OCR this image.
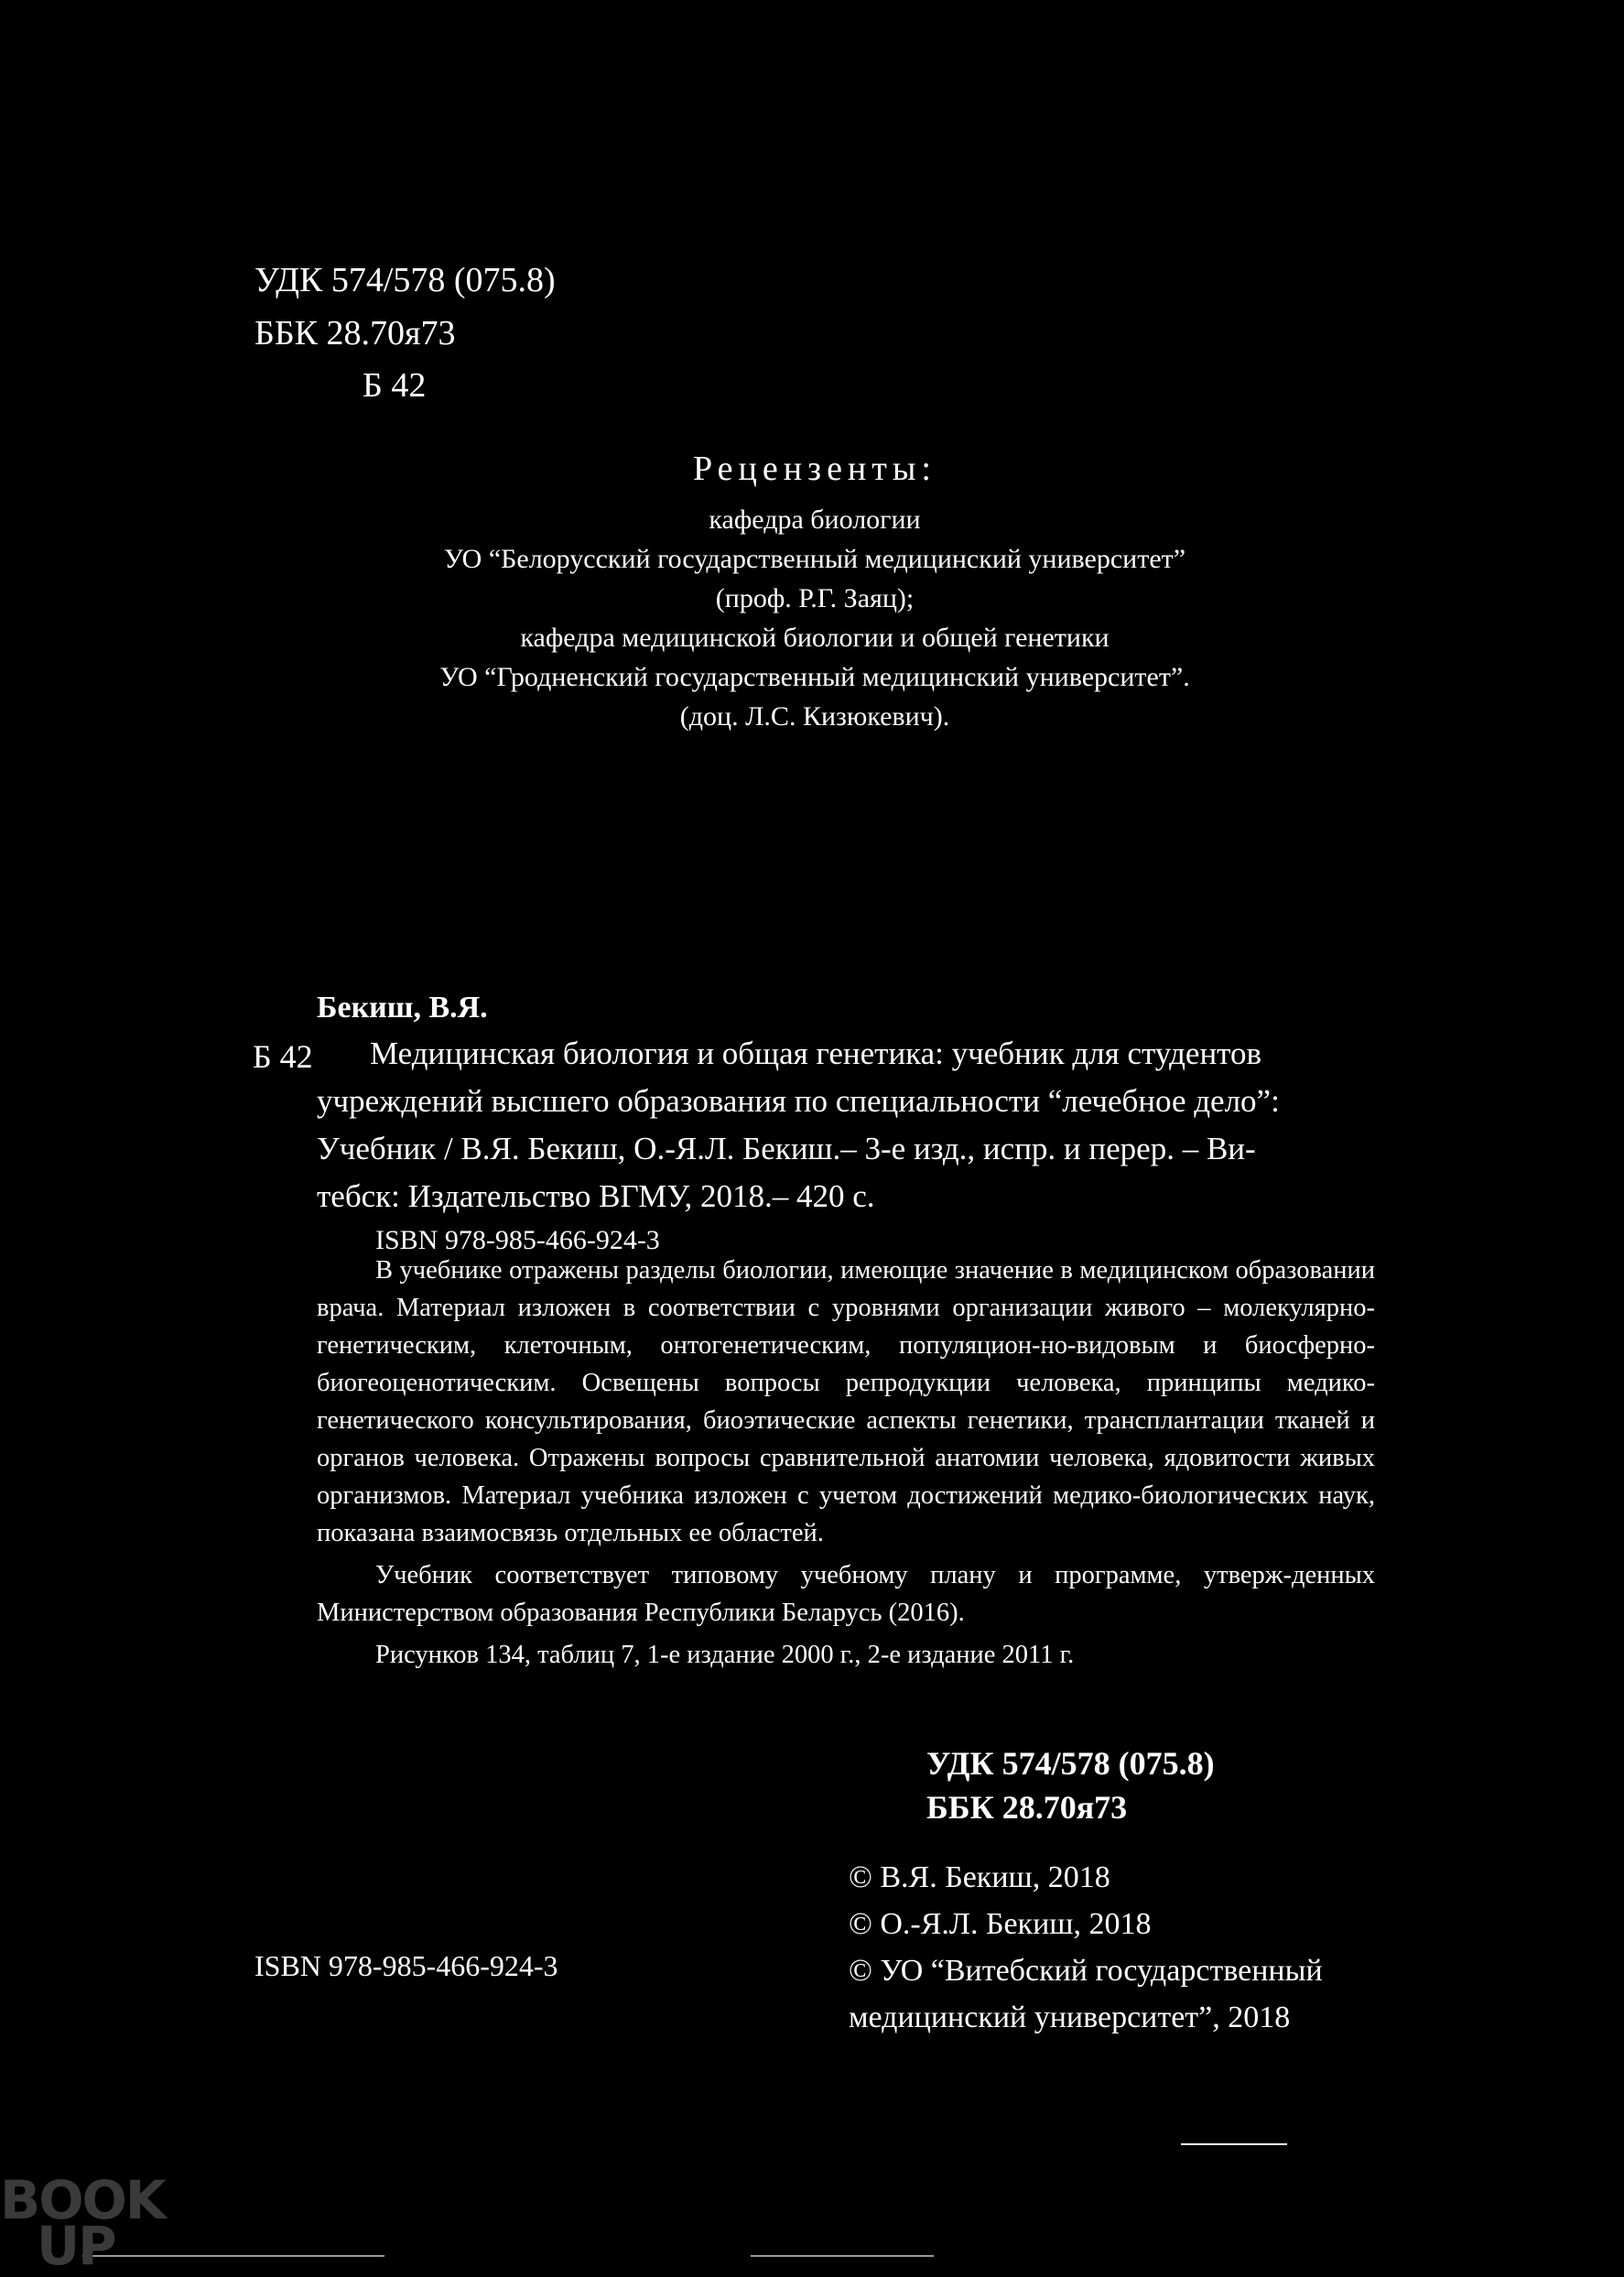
УДК 574/578 (075.8)
ББК 28.70я73
Б 42
Рецензенты:
кафедра биологии
УО “Белорусский государственный медицинский университет”
(проф. Р.Г. Заяц);
кафедра медицинской биологии и общей генетики
УО “Гродненский государственный медицинский университет”.
(доц. Л.С. Кизюкевич).
Бекиш, В.Я.
Б 42 Медицинская биология и общая генетика: учебник для студентов
учреждений высшего образования по специальности “лечебное дело”:
Учебник / В.Я. Бекиш, О.-Я.Л. Бекиш.– 3-е изд., испр. и перер. – Ви-
тебск: Издательство ВГМУ, 2018.– 420 с.
ISBN 978-985-466-924-3

В учебнике отражены разделы биологии, имеющие значение в медицинском образовании врача. Материал изложен в соответствии с уровнями организации живого – молекулярно-генетическим, клеточным, онтогенетическим, популяцион-но-видовым и биосферно-биогеоценотическим. Освещены вопросы репродукции человека, принципы медико-генетического консультирования, биоэтические аспекты генетики, трансплантации тканей и органов человека. Отражены вопросы сравнительной анатомии человека, ядовитости живых организмов. Материал учебника изложен с учетом достижений медико-биологических наук, показана взаимосвязь отдельных ее областей.

Учебник соответствует типовому учебному плану и программе, утверж-денных Министерством образования Республики Беларусь (2016).

Рисунков 134, таблиц 7, 1-е издание 2000 г., 2-е издание 2011 г.

УДК 574/578 (075.8)
ББК 28.70я73
© В.Я. Бекиш, 2018
© О.-Я.Л. Бекиш, 2018
© УО “Витебский государственный
медицинский университет”, 2018
ISBN 978-985-466-924-3
BOOK
UP
